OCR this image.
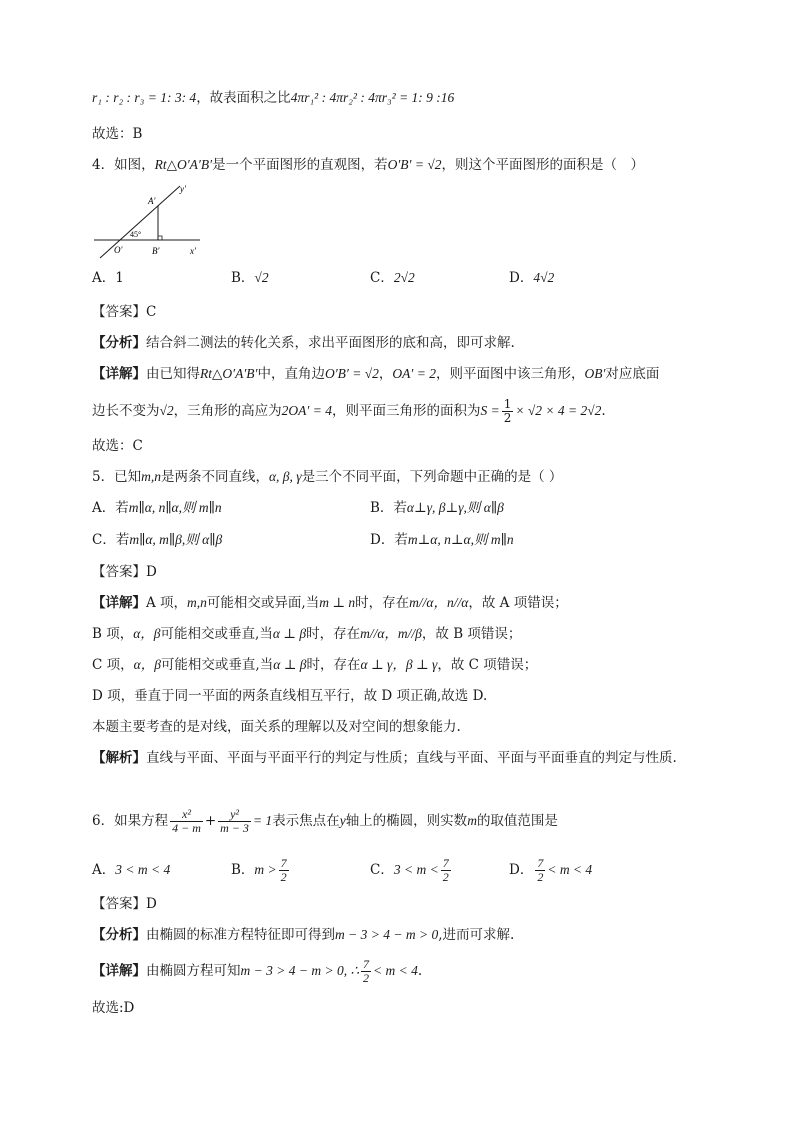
r₁ : r₂ : r₃ = 1: 3: 4，故表面积之比4πr₁² : 4πr₂² : 4πr₃² = 1: 9 :16
故选：B
4．如图，Rt△O′A′B′是一个平面图形的直观图，若O′B′ = √2，则这个平面图形的面积是（　）
A′
y′
O′	B′	x′
45°
A．1	B．√2	C．2√2	D．4√2
【答案】C
【分析】结合斜二测法的转化关系，求出平面图形的底和高，即可求解.
【详解】由已知得Rt△O′A′B′中，直角边O′B′ = √2，OA′ = 2，则平面图中该三角形，OB′对应底面
边长不变为√2，三角形的高应为2OA′ = 4，则平面三角形的面积为$S = \frac{1}{2} \times √2 \times 4 = 2√2$.
故选：C
5．已知m,n是两条不同直线，α, β, γ是三个不同平面，下列命题中正确的是（ ）
A．若m∥α, n∥α,则 m∥n	B．若α⊥γ, β⊥γ,则 α∥β
C．若m∥α, m∥β,则 α∥β	D．若m⊥α, n⊥α,则 m∥n
【答案】D
【详解】A 项，m,n可能相交或异面,当m ⊥ n时，存在m//α，n//α，故 A 项错误；
B 项，α，β可能相交或垂直,当α ⊥ β时，存在m//α，m//β，故 B 项错误；
C 项，α，β可能相交或垂直,当α ⊥ β时，存在α ⊥ γ，β ⊥ γ，故 C 项错误；
D 项，垂直于同一平面的两条直线相互平行，故 D 项正确,故选 D.
本题主要考查的是对线，面关系的理解以及对空间的想象能力.
【解析】直线与平面、平面与平面平行的判定与性质；直线与平面、平面与平面垂直的判定与性质.
6．如果方程 $\frac{\text{x²}}{4 - m} + \frac{\text{y²}}{m - 3} = 1$表示焦点在y轴上的椭圆，则实数m的取值范围是
A．3 < m < 4	B．$m > \frac{7}{2}$	C．$3 < m < \frac{7}{2}$	D． $\frac{7}{2} < m < 4$
【答案】D
【分析】由椭圆的标准方程特征即可得到m − 3 > 4 − m > 0,进而可求解.
【详解】由椭圆方程可知m − 3 > 4 − m > 0, ∴ $\frac{7}{2} < m < 4$.
故选:D
